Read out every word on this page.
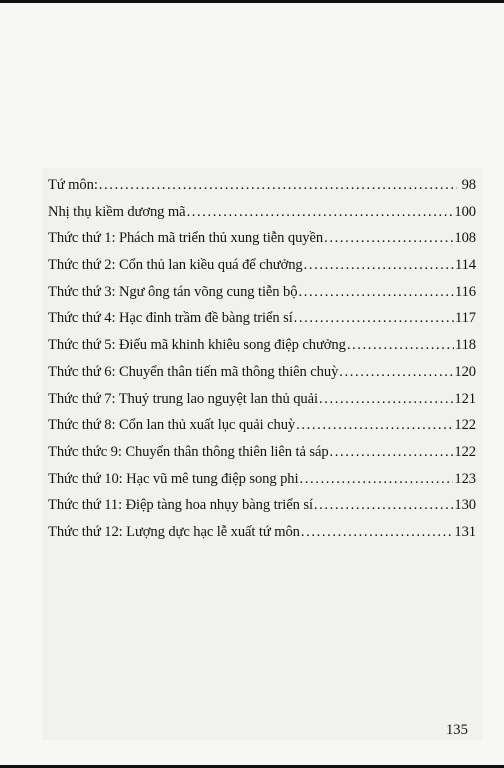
Tứ môn: .....	98
Nhị thụ kiềm dương mã .....	100
Thức thứ 1: Phách mã triển thủ xung tiễn quyền .....	108
Thức thứ 2: Cổn thủ lan kiều quá để chưởng .....	114
Thức thứ 3: Ngư ông tán võng cung tiễn bộ .....	116
Thức thứ 4: Hạc đỉnh trầm đề bàng triển sí .....	117
Thức thứ 5: Điếu mã khinh khiêu song điệp chưởng .....	118
Thức thứ 6: Chuyển thân tiến mã thông thiên chuỳ .....	120
Thức thứ 7: Thuỷ trung lao nguyệt lan thủ quải .....	121
Thức thứ 8: Cổn lan thủ xuất lục quải chuỳ .....	122
Thức thức 9: Chuyển thân thông thiên liên tả sáp .....	122
Thức thứ 10: Hạc vũ mê tung điệp song phi .....	123
Thức thứ 11: Điệp tàng hoa nhụy bàng triển sí .....	130
Thức thứ 12: Lượng dực hạc lễ xuất tứ môn .....	131
135
